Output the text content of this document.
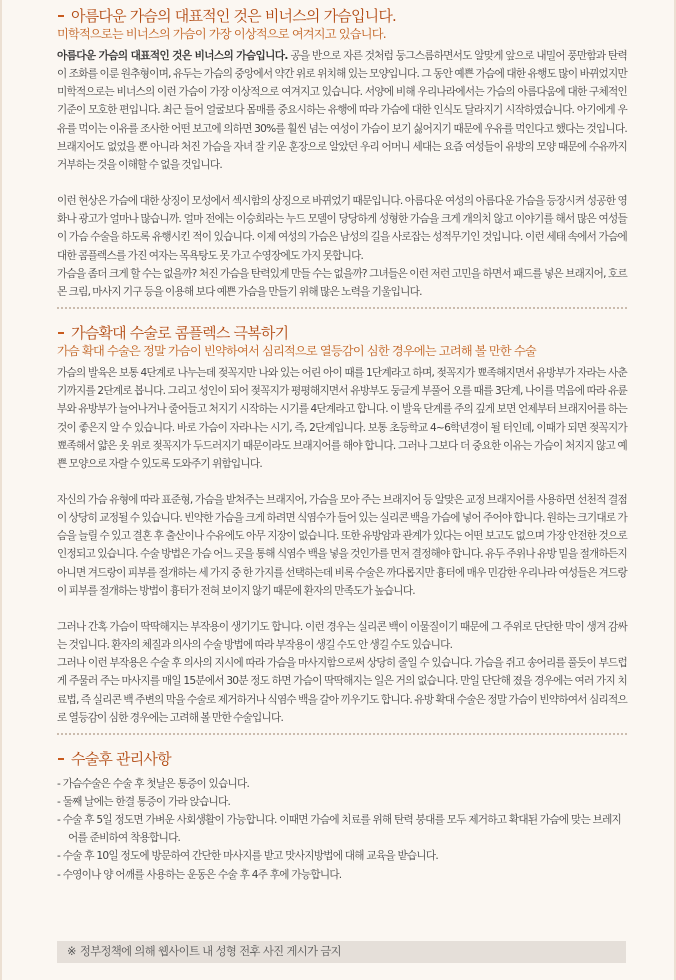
아름다운 가슴의 대표적인 것은 비너스의 가슴입니다.
미학적으로는 비너스의 가슴이 가장 이상적으로 여겨지고 있습니다.

아름다운 가슴의 대표적인 것은 비너스의 가슴입니다. 공을 반으로 자른 것처럼 둥그스름하면서도 알맞게 앞으로 내밀어 풍만함과 탄력이 조화를 이룬 원추형이며, 유두는 가슴의 중앙에서 약간 위로 위치해 있는 모양입니다. 그 동안 예쁜 가슴에 대한 유행도 많이 바뀌었지만 미학적으로는 비너스의 이런 가슴이 가장 이상적으로 여겨지고 있습니다. 서양에 비해 우리나라에서는 가슴의 아름다움에 대한 구체적인 기준이 모호한 편입니다. 최근 들어 얼굴보다 몸매를 중요시하는 유행에 따라 가슴에 대한 인식도 달라지기 시작하였습니다. 아기에게 우유를 먹이는 이유를 조사한 어떤 보고에 의하면 30%를 훨씬 넘는 여성이 가슴이 보기 싫어지기 때문에 우유를 먹인다고 했다는 것입니다. 브래지어도 없었을 뿐 아니라 처진 가슴을 자녀 잘 키운 훈장으로 알았던 우리 어머니 세대는 요즘 여성들이 유방의 모양 때문에 수유까지 거부하는 것을 이해할 수 없을 것입니다.

이런 현상은 가슴에 대한 상징이 모성에서 섹시함의 상징으로 바뀌었기 때문입니다. 아름다운 여성의 아름다운 가슴을 등장시켜 성공한 영화나 광고가 얼마나 많습니까. 얼마 전에는 이승희라는 누드 모델이 당당하게 성형한 가슴을 크게 개의치 않고 이야기를 해서 많은 여성들이 가슴 수술을 하도록 유행시킨 적이 있습니다. 이제 여성의 가슴은 남성의 길을 사로잡는 성적무기인 것입니다. 이런 세태 속에서 가슴에 대한 콤플렉스를 가진 여자는 목욕탕도 못 가고 수영장에도 가지 못합니다.

가슴을 좀더 크게 할 수는 없을까? 처진 가슴을 탄력있게 만들 수는 없을까? 그녀들은 이런 저런 고민을 하면서 패드를 넣은 브래지어, 호르몬 크림, 마사지 기구 등을 이용해 보다 예쁜 가슴을 만들기 위해 많은 노력을 기울입니다.

가슴확대 수술로 콤플렉스 극복하기
가슴 확대 수술은 정말 가슴이 빈약하여서 심리적으로 열등감이 심한 경우에는 고려해 볼 만한 수술

가슴의 발육은 보통 4단계로 나누는데 젖꼭지만 나와 있는 어린 아이 때를 1단계라고 하며, 젖꼭지가 뾰족해지면서 유방부가 자라는 사춘기까지를 2단계로 봅니다. 그리고 성인이 되어 젖꼭지가 평평해지면서 유방부도 둥글게 부풀어 오를 때를 3단계, 나이를 먹음에 따라 유륜부와 유방부가 늘어나거나 줄어들고 처지기 시작하는 시기를 4단계라고 합니다. 이 발육 단계를 주의 깊게 보면 언제부터 브래지어를 하는 것이 좋은지 알 수 있습니다. 바로 가슴이 자라나는 시기, 즉, 2단계입니다. 보통 초등학교 4~6학년경이 될 터인데, 이때가 되면 젖꼭지가 뾰족해서 얇은 옷 위로 젖꼭지가 두드러지기 때문이라도 브래지어를 해야 합니다. 그러나 그보다 더 중요한 이유는 가슴이 처지지 않고 예쁜 모양으로 자랄 수 있도록 도와주기 위함입니다.

자신의 가슴 유형에 따라 표준형, 가슴을 받쳐주는 브래지어, 가슴을 모아 주는 브래지어 등 알맞은 교정 브래지어를 사용하면 선천적 결점이 상당히 교정될 수 있습니다. 빈약한 가슴을 크게 하려면 식염수가 들어 있는 실리콘 백을 가슴에 넣어 주어야 합니다. 원하는 크기대로 가슴을 늘릴 수 있고 결혼 후 출산이나 수유에도 아무 지장이 없습니다. 또한 유방암과 관계가 있다는 어떤 보고도 없으며 가장 안전한 것으로 인정되고 있습니다. 수술 방법은 가슴 어느 곳을 통해 식염수 백을 넣을 것인가를 먼저 결정해야 합니다. 유두 주위나 유방 밑을 절개하든지 아니면 겨드랑이 피부를 절개하는 세 가지 중 한 가지를 선택하는데 비록 수술은 까다롭지만 흉터에 매우 민감한 우리나라 여성들은 겨드랑이 피부를 절개하는 방법이 흉터가 전혀 보이지 않기 때문에 환자의 만족도가 높습니다.

그러나 간혹 가슴이 딱딱해지는 부작용이 생기기도 합니다. 이런 경우는 실리콘 백이 이물질이기 때문에 그 주위로 단단한 막이 생겨 감싸는 것입니다. 환자의 체질과 의사의 수술 방법에 따라 부작용이 생길 수도 안 생길 수도 있습니다.

그러나 이런 부작용은 수술 후 의사의 지시에 따라 가슴을 마사지함으로써 상당히 줄일 수 있습니다. 가슴을 쥐고 송어리를 풀듯이 부드럽게 주물러 주는 마사지를 매일 15분에서 30분 정도 하면 가슴이 딱딱해지는 일은 거의 없습니다. 만일 단단해 졌을 경우에는 여러 가지 치료법, 즉 실리콘 백 주변의 막을 수술로 제거하거나 식염수 백을 갈아 끼우기도 합니다. 유방 확대 수술은 정말 가슴이 빈약하여서 심리적으로 열등감이 심한 경우에는 고려해 볼 만한 수술입니다.

수술후 관리사항
- 가슴수술은 수술 후 첫날은 통증이 있습니다.
- 둘째 날에는 한결 통증이 가라 앉습니다.
- 수술 후 5일 정도면 가벼운 사회생활이 가능합니다. 이때면 가슴에 치료를 위해 탄력 붕대를 모두 제거하고 확대된 가슴에 맞는 브레지어를 준비하여 착용합니다.
- 수술 후 10일 정도에 방문하여 간단한 마사지를 받고 맛사지방법에 대해 교육을 받습니다.
- 수영이나 양 어깨를 사용하는 운동은 수술 후 4주 후에 가능합니다.
※ 정부정책에 의해 웹사이트 내 성형 전후 사진 게시가 금지
